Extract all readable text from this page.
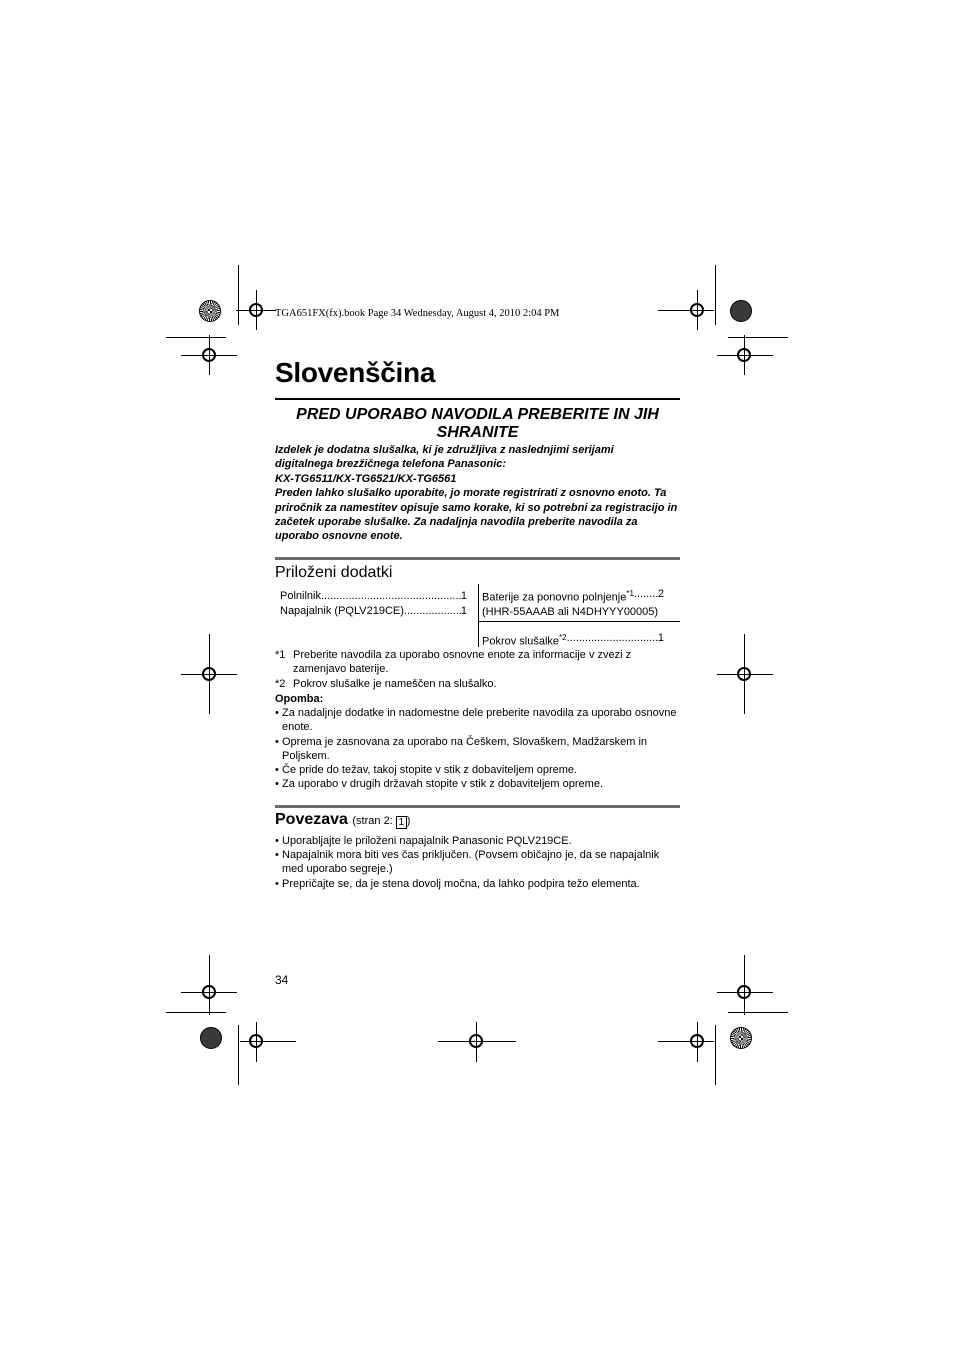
TGA651FX(fx).book Page 34 Wednesday, August 4, 2010 2:04 PM
Slovenščina
PRED UPORABO NAVODILA PREBERITE IN JIH SHRANITE
Izdelek je dodatna slušalka, ki je združljiva z naslednjimi serijami
digitalnega brezžičnega telefona Panasonic:
KX-TG6511/KX-TG6521/KX-TG6561
Preden lahko slušalko uporabite, jo morate registrirati z osnovno enoto. Ta priročnik za namestitev opisuje samo korake, ki so potrebni za registracijo in začetek uporabe slušalke. Za nadaljnja navodila preberite navodila za uporabo osnovne enote.
Priloženi dodatki
Polnilnik .....	1
Napajalnik (PQLV219CE) .....	1
Baterije za ponovno polnjenje$^{*1}$ ..... 2
(HHR-55AAAB ali N4DHYYY00005)
Pokrov slušalke$^{*2}$ .....	1
*1 Preberite navodila za uporabo osnovne enote za informacije v zvezi z zamenjavo baterije.
*2 Pokrov slušalke je nameščen na slušalko.
Opomba:
• Za nadaljnje dodatke in nadomestne dele preberite navodila za uporabo osnovne enote.
• Oprema je zasnovana za uporabo na Češkem, Slovaškem, Madžarskem in Poljskem.
• Če pride do težav, takoj stopite v stik z dobaviteljem opreme.
• Za uporabo v drugih državah stopite v stik z dobaviteljem opreme.
Povezava (stran 2: 1 )
• Uporabljajte le priloženi napajalnik Panasonic PQLV219CE.
• Napajalnik mora biti ves čas priključen. (Povsem običajno je, da se napajalnik med uporabo segreje.)
• Prepričajte se, da je stena dovolj močna, da lahko podpira težo elementa.
34
